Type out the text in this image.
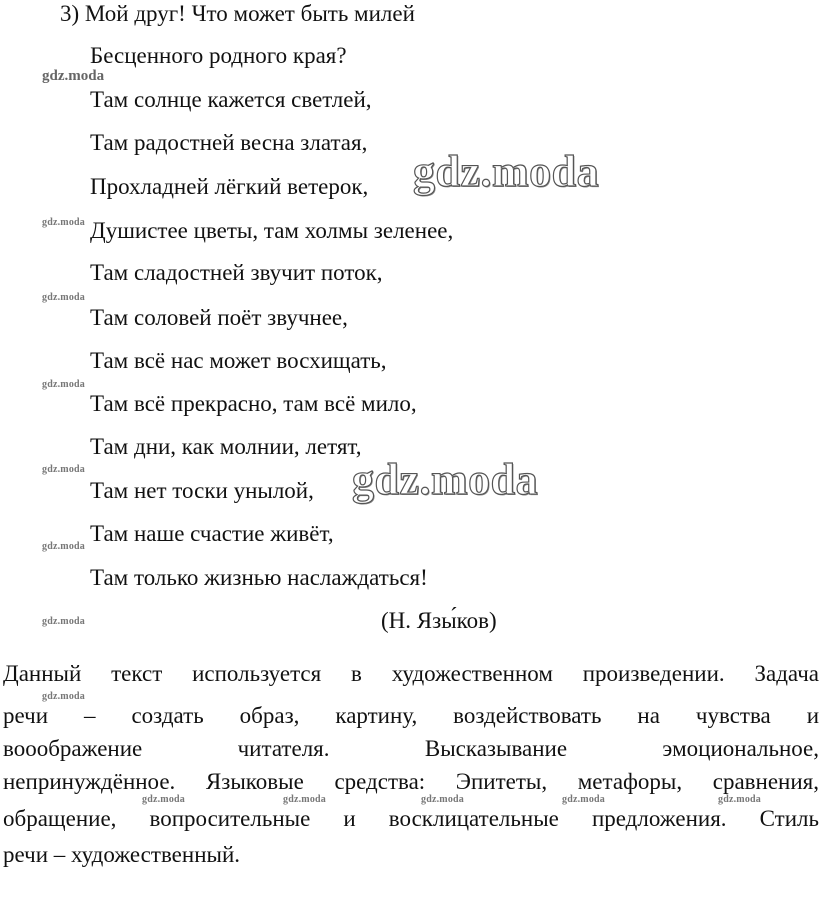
3) Мой друг! Что может быть милей
Бесценного родного края?
Там солнце кажется светлей,
Там радостней весна златая,
Прохладней лёгкий ветерок,
Душистее цветы, там холмы зеленее,
Там сладостней звучит поток,
Там соловей поёт звучнее,
Там всё нас может восхищать,
Там всё прекрасно, там всё мило,
Там дни, как молнии, летят,
Там нет тоски унылой,
Там наше счастие живёт,
Там только жизнью наслаждаться!
(Н. Язы́ков)
Данный текст используется в художественном произведении. Задача
речи – создать образ, картину, воздействовать на чувства и
вооображение читателя. Высказывание эмоциональное,
непринуждённое. Языковые средства: Эпитеты, метафоры, сравнения,
обращение, вопросительные и восклицательные предложения. Стиль
речи – художественный.
gdz.moda
gdz.moda
gdz.moda
gdz.moda
gdz.moda
gdz.moda
gdz.moda
gdz.moda
gdz.moda
gdz.moda
gdz.moda	gdz.moda	gdz.moda	gdz.moda	gdz.moda
